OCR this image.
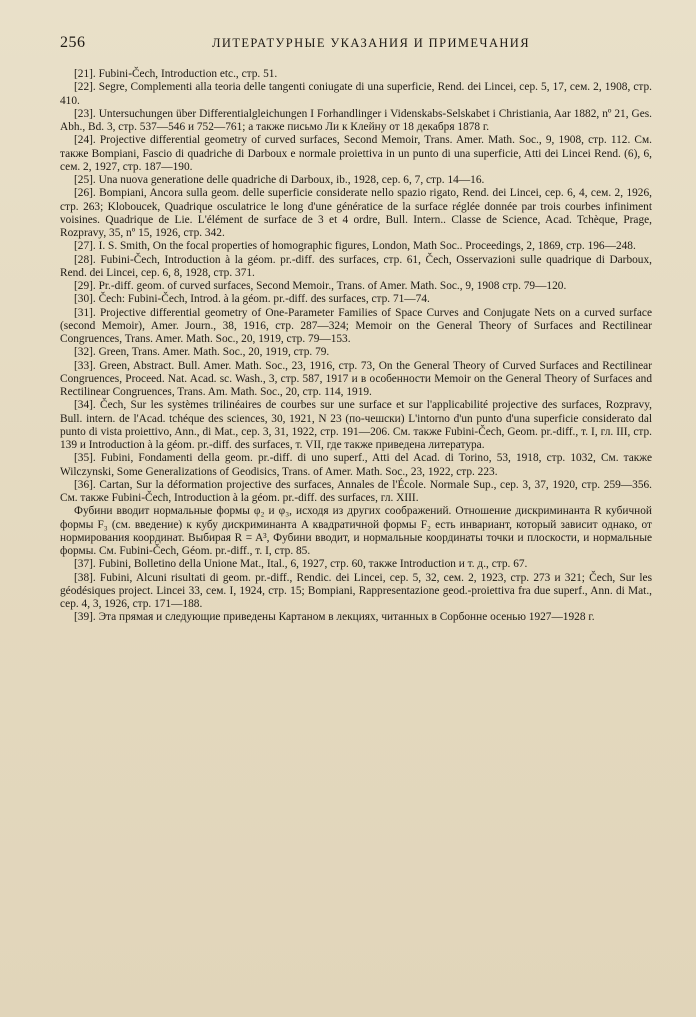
256	ЛИТЕРАТУРНЫЕ УКАЗАНИЯ И ПРИМЕЧАНИЯ

[21]. Fubini-Čech, Introduction etc., стр. 51.

[22]. Segre, Complementi alla teoria delle tangenti coniugate di una superficie, Rend. dei Lincei, сер. 5, 17, сем. 2, 1908, стр. 410.

[23]. Untersuchungen über Differentialgleichungen I Forhandlinger i Videnskabs-Selskabet i Christiania, Aar 1882, nº 21, Ges. Abh., Bd. 3, стр. 537—546 и 752—761; а также письмо Ли к Клейну от 18 декабря 1878 г.

[24]. Projective differential geometry of curved surfaces, Second Memoir, Trans. Amer. Math. Soc., 9, 1908, стр. 112. См. также Bompiani, Fascio di quadriche di Darboux e normale proiettiva in un punto di una superficie, Atti dei Lincei Rend. (6), 6, сем. 2, 1927, стр. 187—190.

[25]. Una nuova generatione delle quadriche di Darboux, ib., 1928, сер. 6, 7, стр. 14—16.

[26]. Bompiani, Ancora sulla geom. delle superficie considerate nello spazio rigato, Rend. dei Lincei, сер. 6, 4, сем. 2, 1926, стр. 263; Kloboucek, Quadrique osculatrice le long d'une génératice de la surface réglée donnée par trois courbes infiniment voisines. Quadrique de Lie. L'élément de surface de 3 et 4 ordre, Bull. Intern.. Classe de Science, Acad. Tchèque, Prage, Rozpravy, 35, nº 15, 1926, стр. 342.

[27]. I. S. Smith, On the focal properties of homographic figures, London, Math Soc.. Proceedings, 2, 1869, стр. 196—248.

[28]. Fubini-Čech, Introduction à la géom. pr.-diff. des surfaces, стр. 61, Čech, Osservazioni sulle quadrique di Darboux, Rend. dei Lincei, сер. 6, 8, 1928, стр. 371.

[29]. Pr.-diff. geom. of curved surfaces, Second Memoir., Trans. of Amer. Math. Soc., 9, 1908 стр. 79—120.

[30]. Čech: Fubini-Čech, Introd. à la géom. pr.-diff. des surfaces, стр. 71—74.

[31]. Projective differential geometry of One-Parameter Families of Space Curves and Conjugate Nets on a curved surface (second Memoir), Amer. Journ., 38, 1916, стр. 287—324; Memoir on the General Theory of Surfaces and Rectilinear Congruences, Trans. Amer. Math. Soc., 20, 1919, стр. 79—153.

[32]. Green, Trans. Amer. Math. Soc., 20, 1919, стр. 79.

[33]. Green, Abstract. Bull. Amer. Math. Soc., 23, 1916, стр. 73, On the General Theory of Curved Surfaces and Rectilinear Congruences, Proceed. Nat. Acad. sc. Wash., 3, стр. 587, 1917 и в особенности Memoir on the General Theory of Surfaces and Rectilinear Congruences, Trans. Am. Math. Soc., 20, стр. 114, 1919.

[34]. Čech, Sur les systèmes trilinéaires de courbes sur une surface et sur l'applicabilité projective des surfaces, Rozpravy, Bull. intern. de l'Acad. tchéque des sciences, 30, 1921, N 23 (по-чешски) L'intorno d'un punto d'una superficie considerato dal punto di vista proiettivo, Ann., di Mat., сер. 3, 31, 1922, стр. 191—206. См. также Fubini-Čech, Geom. pr.-diff., т. I, гл. III, стр. 139 и Introduction à la géom. pr.-diff. des surfaces, т. VII, где также приведена литература.

[35]. Fubini, Fondamenti della geom. pr.-diff. di uno superf., Atti del Acad. di Torino, 53, 1918, стр. 1032, См. также Wilczynski, Some Generalizations of Geodisics, Trans. of Amer. Math. Soc., 23, 1922, стр. 223.

[36]. Cartan, Sur la déformation projective des surfaces, Annales de l'École. Normale Sup., сер. 3, 37, 1920, стр. 259—356. См. также Fubini-Čech, Introduction à la géom. pr.-diff. des surfaces, гл. XIII.

Фубини вводит нормальные формы φ₂ и φ₃, исходя из других соображений. Отношение дискриминанта R кубичной формы F₃ (см. введение) к кубу дискриминанта A квадратичной формы F₂ есть инвариант, который зависит однако, от нормирования координат. Выбирая R = A³, Фубини вводит, и нормальные координаты точки и плоскости, и нормальные формы. См. Fubini-Čech, Géom. pr.-diff., т. I, стр. 85.

[37]. Fubini, Bolletino della Unione Mat., Ital., 6, 1927, стр. 60, также Introduction и т. д., стр. 67.

[38]. Fubini, Alcuni risultati di geom. pr.-diff., Rendic. dei Lincei, сер. 5, 32, сем. 2, 1923, стр. 273 и 321; Čech, Sur les géodésiques project. Lincei 33, сем. I, 1924, стр. 15; Bompiani, Rappresentazione geod.-proiettiva fra due superf., Ann. di Mat., сер. 4, 3, 1926, стр. 171—188.

[39]. Эта прямая и следующие приведены Картаном в лекциях, читанных в Сорбонне осенью 1927—1928 г.
